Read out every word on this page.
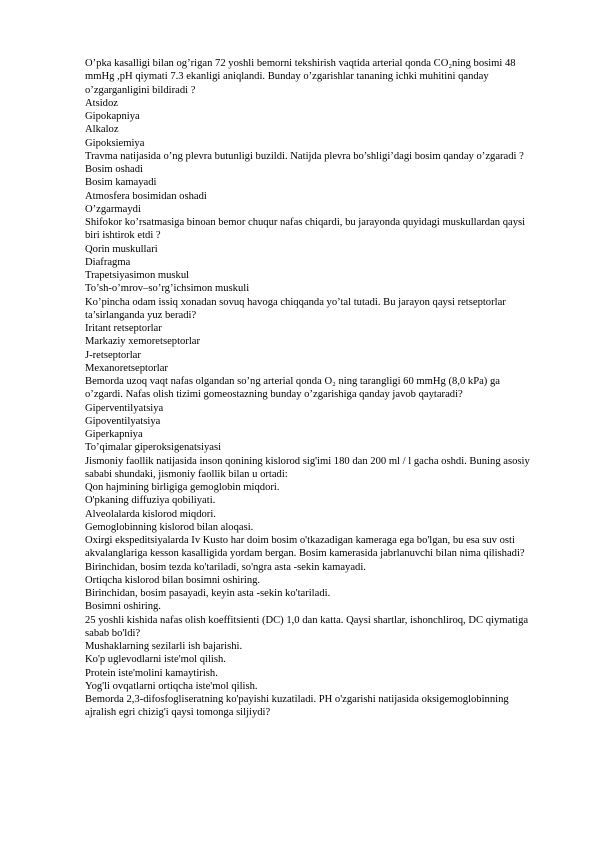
O’pka kasalligi bilan og’rigan 72 yoshli bemorni tekshirish vaqtida arterial qonda CO₂ning bosimi 48 mmHg ,pH qiymati 7.3 ekanligi aniqlandi. Bunday o’zgarishlar tananing ichki muhitini qanday o’zgarganligini bildiradi ?
Atsidoz
Gipokapniya
Alkaloz
Gipoksiemiya
Travma natijasida o’ng plevra butunligi buzildi. Natijda plevra bo’shligi’dagi bosim qanday o’zgaradi ?
Bosim oshadi
Bosim kamayadi
Atmosfera bosimidan oshadi
O’zgarmaydi
Shifokor ko’rsatmasiga binoan bemor chuqur nafas chiqardi, bu jarayonda quyidagi muskullardan qaysi biri ishtirok etdi ?
Qorin muskullari
Diafragma
Trapetsiyasimon muskul
To’sh-o’mrov–so’rg’ichsimon muskuli
Ko’pincha odam issiq xonadan sovuq havoga chiqqanda yo’tal tutadi. Bu jarayon qaysi retseptorlar ta’sirlanganda yuz beradi?
Iritant retseptorlar
Markaziy xemoretseptorlar
J-retseptorlar
Mexanoretseptorlar
Bemorda uzoq vaqt nafas olgandan so’ng arterial qonda O₂ ning tarangligi 60 mmHg (8,0 kPa) ga o’zgardi. Nafas olish tizimi gomeostazning bunday o’zgarishiga qanday javob qaytaradi?
Giperventilyatsiya
Gipoventilyatsiya
Giperkapniya
To’qimalar giperoksigenatsiyasi
Jismoniy faollik natijasida inson qonining kislorod sig'imi 180 dan 200 ml / l gacha oshdi. Buning asosiy sababi shundaki, jismoniy faollik bilan u ortadi:
Qon hajmining birligiga gemoglobin miqdori.
O'pkaning diffuziya qobiliyati.
Alveolalarda kislorod miqdori.
Gemoglobinning kislorod bilan aloqasi.
Oxirgi ekspeditsiyalarda Iv Kusto har doim bosim o'tkazadigan kameraga ega bo'lgan, bu esa suv osti akvalanglariga kesson kasalligida yordam bergan. Bosim kamerasida jabrlanuvchi bilan nima qilishadi?
Birinchidan, bosim tezda ko'tariladi, so'ngra asta -sekin kamayadi.
Ortiqcha kislorod bilan bosimni oshiring.
Birinchidan, bosim pasayadi, keyin asta -sekin ko'tariladi.
Bosimni oshiring.
25 yoshli kishida nafas olish koeffitsienti (DC) 1,0 dan katta. Qaysi shartlar, ishonchliroq, DC qiymatiga sabab bo'ldi?
Mushaklarning sezilarli ish bajarishi.
Ko'p uglevodlarni iste'mol qilish.
Protein iste'molini kamaytirish.
Yog'li ovqatlarni ortiqcha iste'mol qilish.
Bemorda 2,3-difosfogliseratning ko'payishi kuzatiladi. PH o'zgarishi natijasida oksigemoglobinning ajralish egri chizig'i qaysi tomonga siljiydi?
